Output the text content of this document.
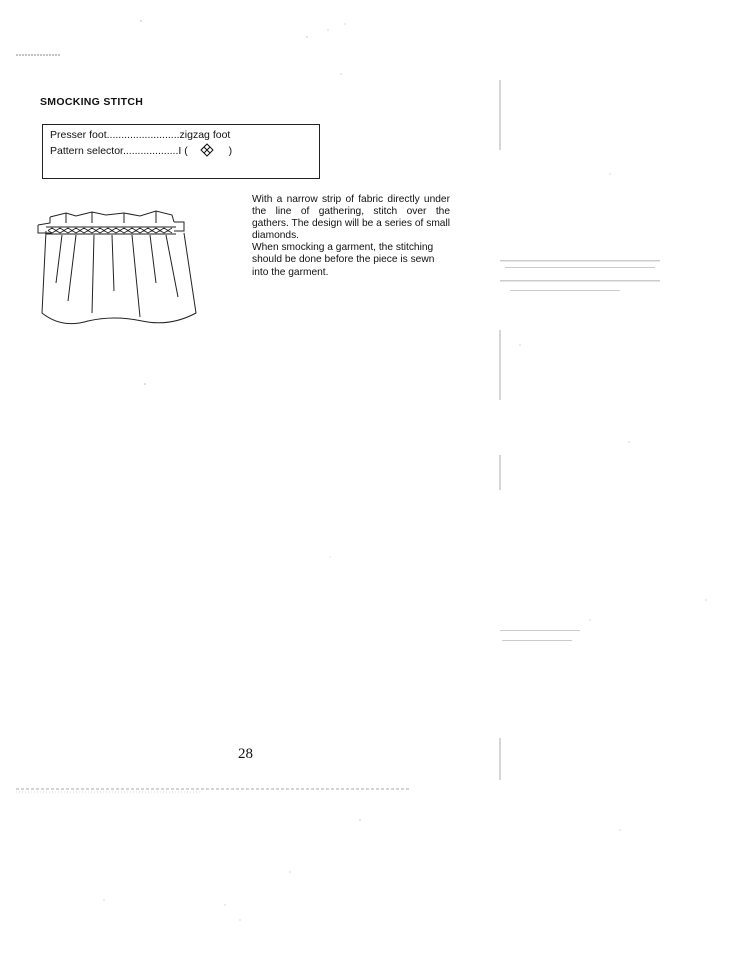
SMOCKING STITCH
Presser foot.........................zigzag foot
Pattern selector...................I (	)

With a narrow strip of fabric directly under the line of gathering, stitch over the gathers. The design will be a series of small diamonds.

When smocking a garment, the stitching should be done before the piece is sewn into the garment.

28
